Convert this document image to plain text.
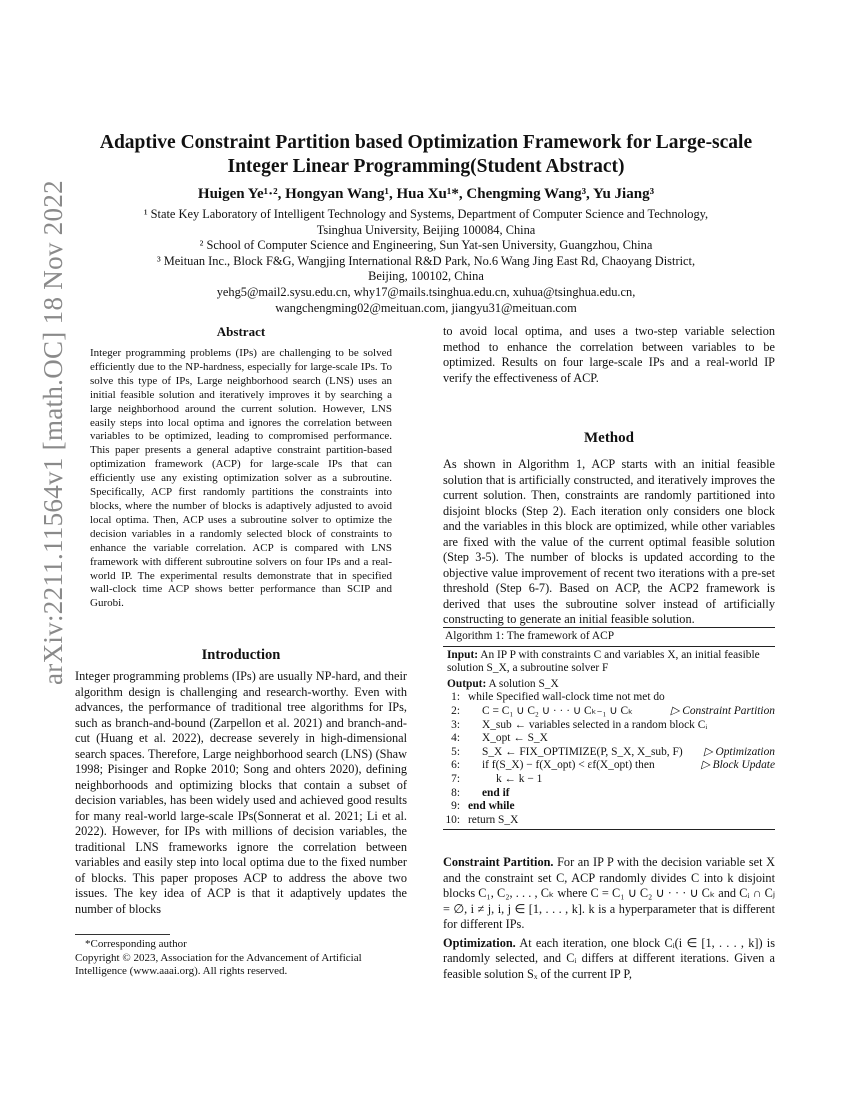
arXiv:2211.11564v1 [math.OC] 18 Nov 2022
Adaptive Constraint Partition based Optimization Framework for Large-scale
Integer Linear Programming(Student Abstract)
Huigen Ye¹·², Hongyan Wang¹, Hua Xu¹*, Chengming Wang³, Yu Jiang³
¹ State Key Laboratory of Intelligent Technology and Systems, Department of Computer Science and Technology,
Tsinghua University, Beijing 100084, China
² School of Computer Science and Engineering, Sun Yat-sen University, Guangzhou, China
³ Meituan Inc., Block F&G, Wangjing International R&D Park, No.6 Wang Jing East Rd, Chaoyang District,
Beijing, 100102, China
yehg5@mail2.sysu.edu.cn, why17@mails.tsinghua.edu.cn, xuhua@tsinghua.edu.cn,
wangchengming02@meituan.com, jiangyu31@meituan.com
Abstract
Integer programming problems (IPs) are challenging to be solved efficiently due to the NP-hardness, especially for large-scale IPs. To solve this type of IPs, Large neighborhood search (LNS) uses an initial feasible solution and iteratively improves it by searching a large neighborhood around the current solution. However, LNS easily steps into local optima and ignores the correlation between variables to be optimized, leading to compromised performance. This paper presents a general adaptive constraint partition-based optimization framework (ACP) for large-scale IPs that can efficiently use any existing optimization solver as a subroutine. Specifically, ACP first randomly partitions the constraints into blocks, where the number of blocks is adaptively adjusted to avoid local optima. Then, ACP uses a subroutine solver to optimize the decision variables in a randomly selected block of constraints to enhance the variable correlation. ACP is compared with LNS framework with different subroutine solvers on four IPs and a real-world IP. The experimental results demonstrate that in specified wall-clock time ACP shows better performance than SCIP and Gurobi.
Introduction
Integer programming problems (IPs) are usually NP-hard, and their algorithm design is challenging and research-worthy. Even with advances, the performance of traditional tree algorithms for IPs, such as branch-and-bound (Zarpellon et al. 2021) and branch-and-cut (Huang et al. 2022), decrease severely in high-dimensional search spaces. Therefore, Large neighborhood search (LNS) (Shaw 1998; Pisinger and Ropke 2010; Song and ohters 2020), defining neighborhoods and optimizing blocks that contain a subset of decision variables, has been widely used and achieved good results for many real-world large-scale IPs(Sonnerat et al. 2021; Li et al. 2022). However, for IPs with millions of decision variables, the traditional LNS frameworks ignore the correlation between variables and easily step into local optima due to the fixed number of blocks. This paper proposes ACP to address the above two issues. The key idea of ACP is that it adaptively updates the number of blocks
*Corresponding author
Copyright © 2023, Association for the Advancement of Artificial Intelligence (www.aaai.org). All rights reserved.
to avoid local optima, and uses a two-step variable selection method to enhance the correlation between variables to be optimized. Results on four large-scale IPs and a real-world IP verify the effectiveness of ACP.
Method
As shown in Algorithm 1, ACP starts with an initial feasible solution that is artificially constructed, and iteratively improves the current solution. Then, constraints are randomly partitioned into disjoint blocks (Step 2). Each iteration only considers one block and the variables in this block are optimized, while other variables are fixed with the value of the current optimal feasible solution (Step 3-5). The number of blocks is updated according to the objective value improvement of recent two iterations with a pre-set threshold (Step 6-7). Based on ACP, the ACP2 framework is derived that uses the subroutine solver instead of artificially constructing to generate an initial feasible solution.
Algorithm 1: The framework of ACP
Input: An IP P with constraints C and variables X, an initial feasible solution S_X, a subroutine solver F
Output: A solution S_X
1: while Specified wall-clock time not met do
2:	C = C₁ ∪ C₂ ∪ · · · ∪ Cₖ₋₁ ∪ Cₖ	▷ Constraint Partition
3:	X_sub ← variables selected in a random block Cᵢ
4:	X_opt ← S_X
5:	S_X ← FIX_OPTIMIZE(P, S_X, X_sub, F) ▷ Optimization
6:	if f(S_X) − f(X_opt) < εf(X_opt) then	▷ Block Update
7:	k ← k − 1
8:	end if
9: end while
10: return S_X
Constraint Partition. For an IP P with the decision variable set X and the constraint set C, ACP randomly divides C into k disjoint blocks C₁, C₂, . . . , Cₖ where C = C₁ ∪ C₂ ∪ · · · ∪ Cₖ and Cᵢ ∩ Cⱼ = ∅, i ≠ j, i, j ∈ [1, . . . , k]. k is a hyperparameter that is different for different IPs.
Optimization. At each iteration, one block Cᵢ(i ∈ [1, . . . , k]) is randomly selected, and Cᵢ differs at different iterations. Given a feasible solution Sₓ of the current IP P,
